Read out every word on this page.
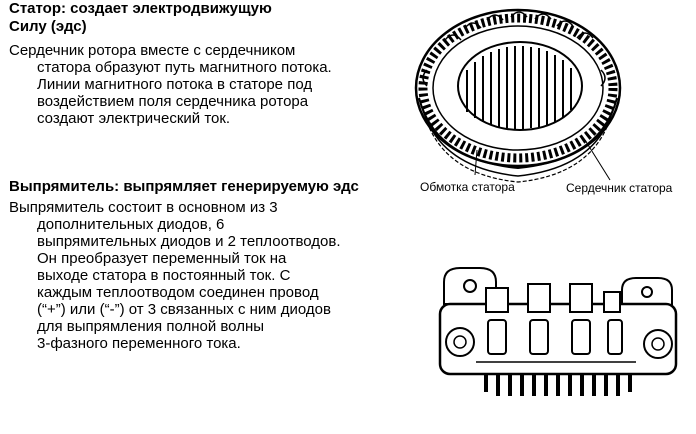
Статор: создает электродвижущую
Силу (эдс)
Сердечник ротора вместе с сердечником
статора образуют путь магнитного потока.
Линии магнитного потока в статоре под
воздействием поля сердечника ротора
создают электрический ток.
Выпрямитель: выпрямляет генерируемую эдс
Выпрямитель состоит в основном из 3
дополнительных диодов, 6
выпрямительных диодов и 2 теплоотводов.
Он преобразует переменный ток на
выходе статора в постоянный ток. С
каждым теплоотводом соединен провод
(“+”) или (“-”) от 3 связанных с ним диодов
для выпрямления полной волны
3-фазного переменного тока.
Обмотка статора	Сердечник статора
